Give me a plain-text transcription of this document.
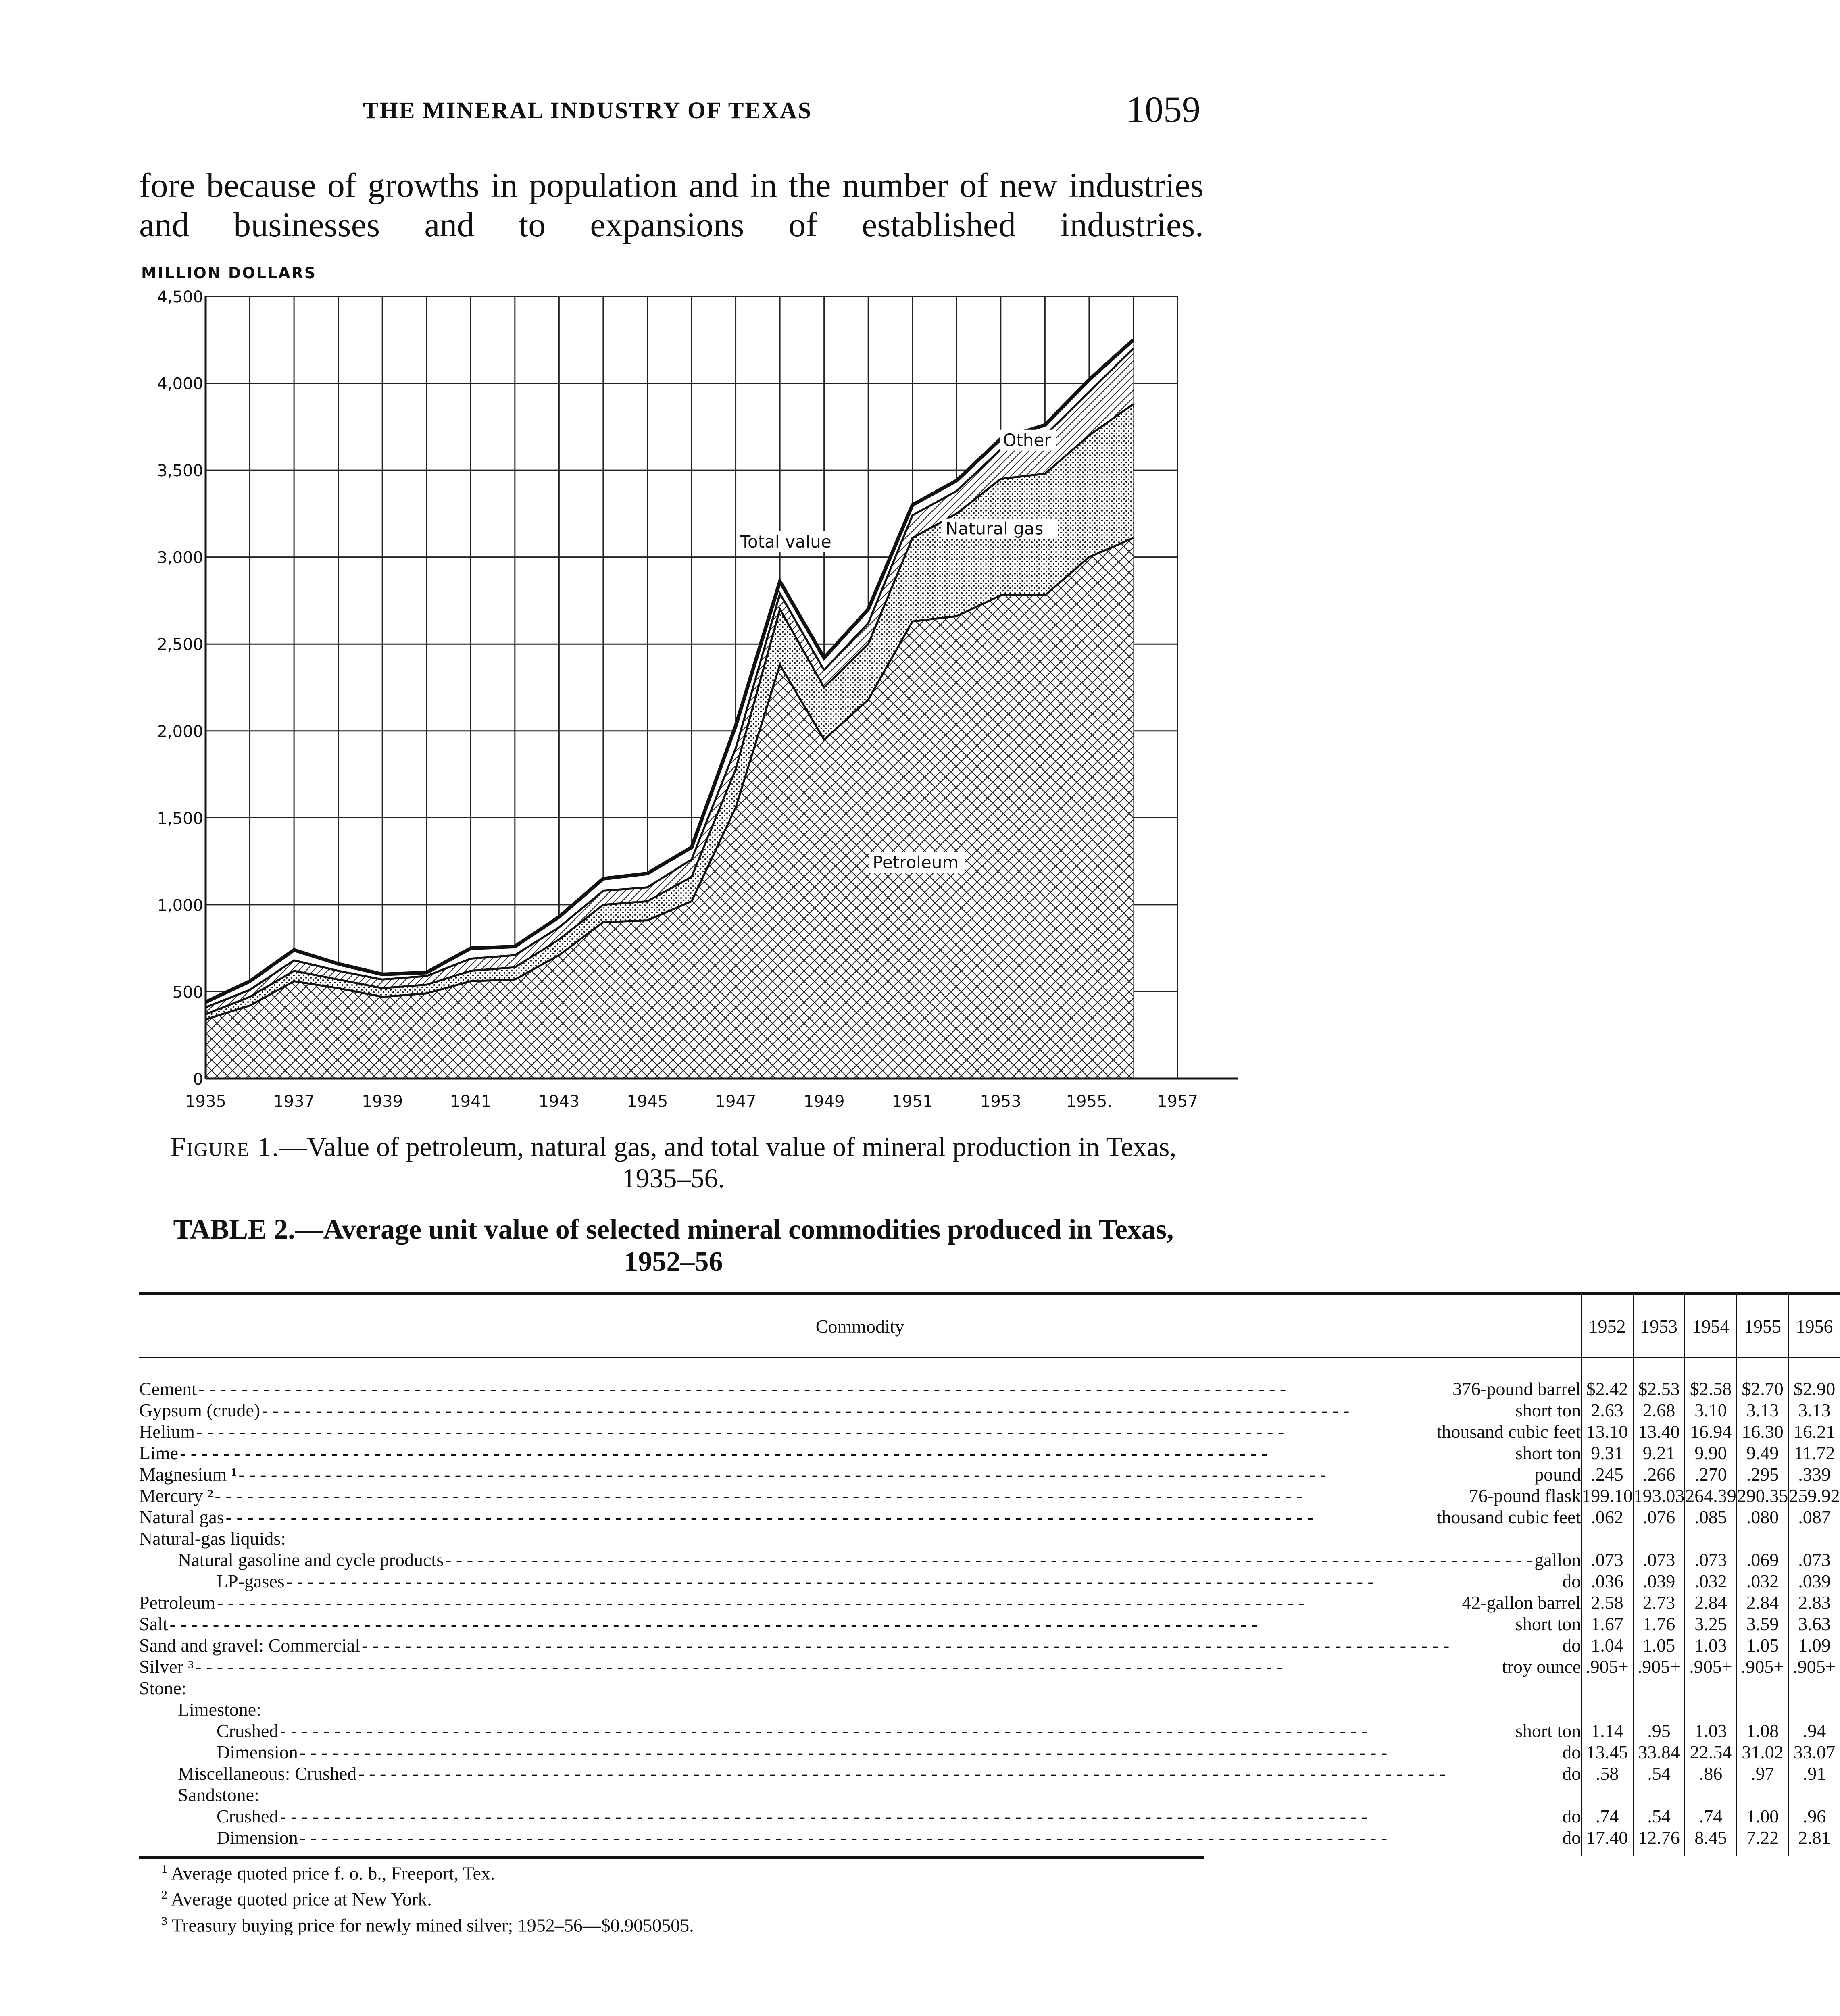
THE MINERAL INDUSTRY OF TEXAS	1059
fore because of growths in population and in the number of new industries and businesses and to expansions of established industries.
0
500
1,000
1,500
2,000
2,500
3,000
3,500
4,000
4,500
1935	1937	1939	1941	1943	1945	1947	1949	1951	1953	1955.	1957
MILLION DOLLARS
Total value
Other
Natural gas
Petroleum
Figure 1.—Value of petroleum, natural gas, and total value of mineral production in Texas, 1935–56.
TABLE 2.—Average unit value of selected mineral commodities produced in Texas, 1952–56
Commodity	1952	1953	1954	1955	1956

Cement - - - 376-pound barrel	$2.42	$2.53	$2.58	$2.70	$2.90

Gypsum (crude) - - - short ton	2.63	2.68	3.10	3.13	3.13

Helium - - - thousand cubic feet	13.10	13.40	16.94	16.30	16.21

Lime - - - short ton	9.31	9.21	9.90	9.49	11.72

Magnesium ¹ - - - pound	.245	.266	.270	.295	.339

Mercury ² - - - 76-pound flask	199.10	193.03	264.39	290.35	259.92

Natural gas - - - thousand cubic feet	.062	.076	.085	.080	.087

Natural-gas liquids:					

Natural gasoline and cycle products - - - gallon	.073	.073	.073	.069	.073

LP-gases - - - do	.036	.039	.032	.032	.039

Petroleum - - - 42-gallon barrel	2.58	2.73	2.84	2.84	2.83

Salt - - - short ton	1.67	1.76	3.25	3.59	3.63

Sand and gravel: Commercial - - - do	1.04	1.05	1.03	1.05	1.09

Silver ³ - - - troy ounce	.905+	.905+	.905+	.905+	.905+

Stone:					

Limestone:					

Crushed - - - short ton	1.14	.95	1.03	1.08	.94

Dimension - - - do	13.45	33.84	22.54	31.02	33.07

Miscellaneous: Crushed - - - do	.58	.54	.86	.97	.91

Sandstone:					

Crushed - - - do	.74	.54	.74	1.00	.96

Dimension - - - do	17.40	12.76	8.45	7.22	2.81
$^1$ Average quoted price f. o. b., Freeport, Tex.
$^2$ Average quoted price at New York.
$^3$ Treasury buying price for newly mined silver; 1952–56—$0.9050505.
